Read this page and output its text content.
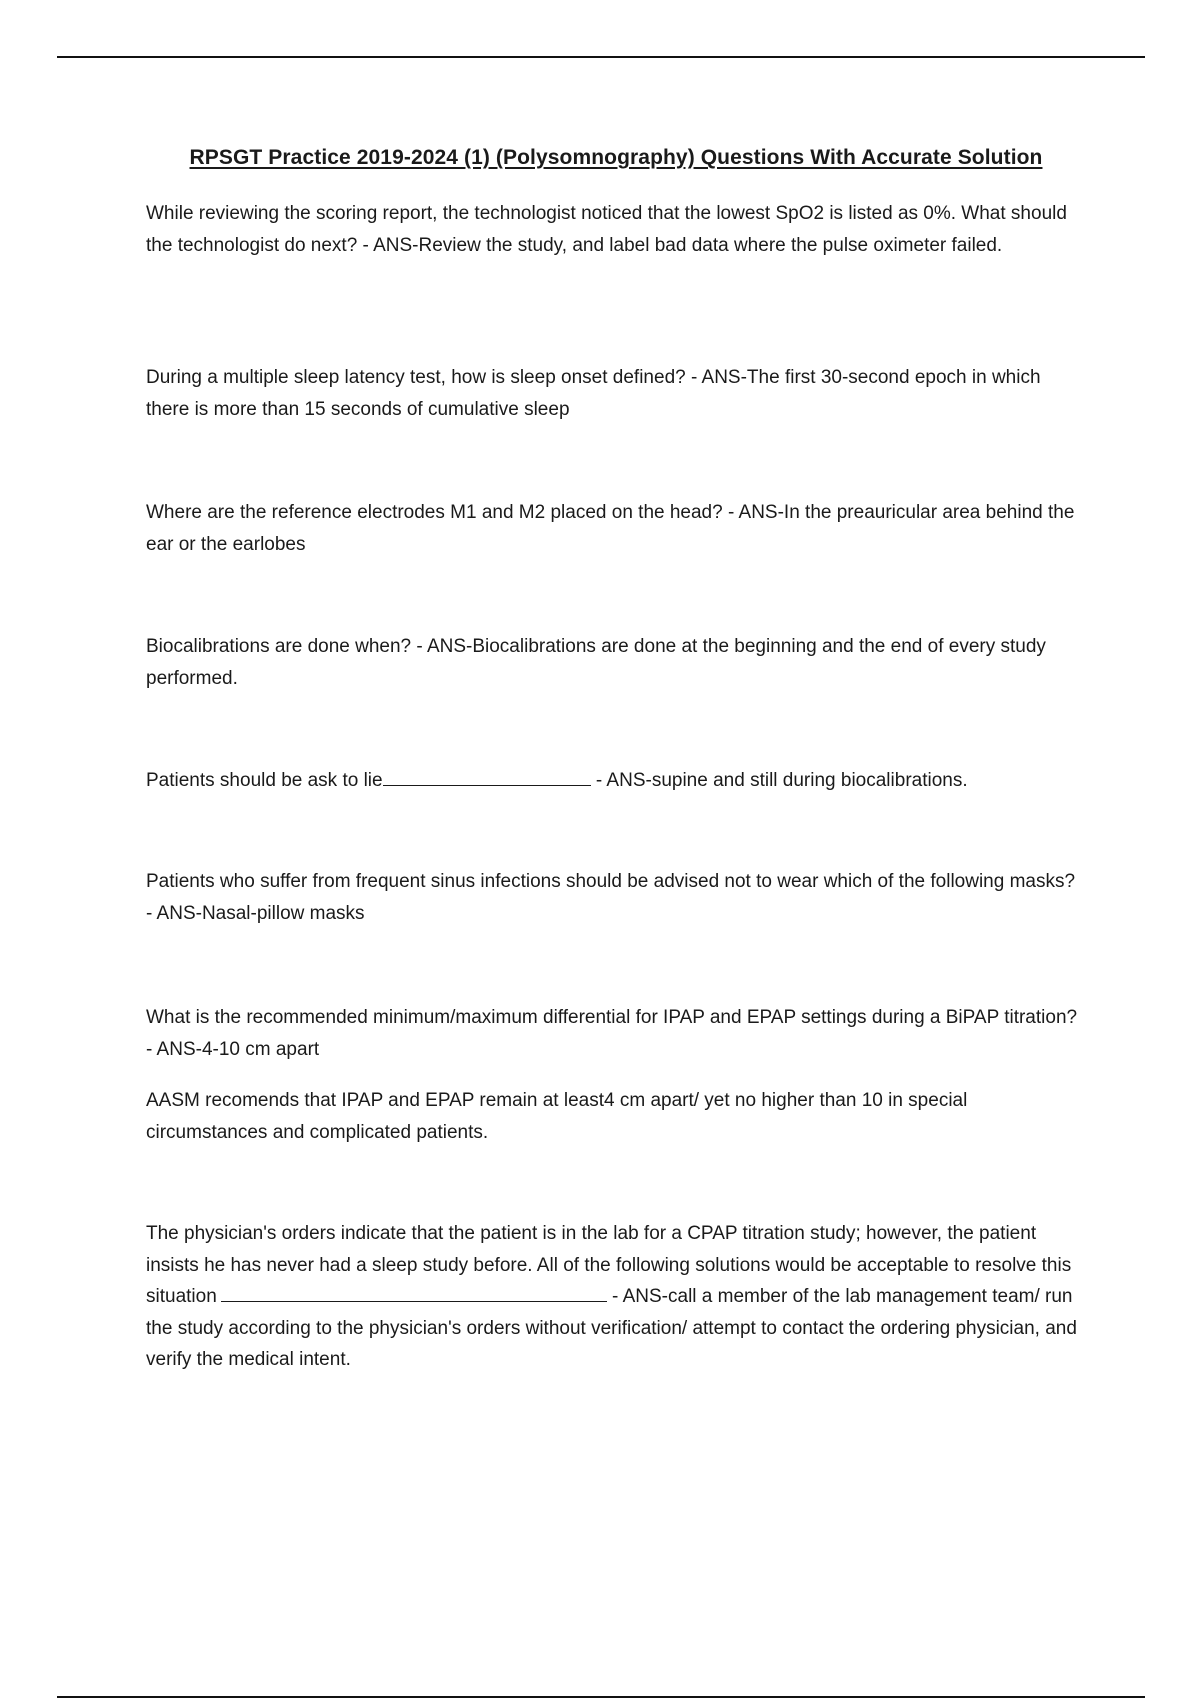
RPSGT Practice 2019-2024 (1) (Polysomnography) Questions With Accurate Solution

While reviewing the scoring report, the technologist noticed that the lowest SpO2 is listed as 0%. What should the technologist do next? - ANS-Review the study, and label bad data where the pulse oximeter failed.

During a multiple sleep latency test, how is sleep onset defined? - ANS-The first 30-second epoch in which there is more than 15 seconds of cumulative sleep

Where are the reference electrodes M1 and M2 placed on the head? - ANS-In the preauricular area behind the ear or the earlobes

Biocalibrations are done when? - ANS-Biocalibrations are done at the beginning and the end of every study performed.

Patients should be ask to lie	- ANS-supine and still during biocalibrations.

Patients who suffer from frequent sinus infections should be advised not to wear which of the following masks? - ANS-Nasal-pillow masks

What is the recommended minimum/maximum differential for IPAP and EPAP settings during a BiPAP titration? - ANS-4-10 cm apart

AASM recomends that IPAP and EPAP remain at least4 cm apart/ yet no higher than 10 in special circumstances and complicated patients.

The physician's orders indicate that the patient is in the lab for a CPAP titration study; however, the patient insists he has never had a sleep study before. All of the following solutions would be acceptable to resolve this situation	- ANS-call a member of the lab management team/ run the study according to the physician's orders without verification/ attempt to contact the ordering physician, and verify the medical intent.
